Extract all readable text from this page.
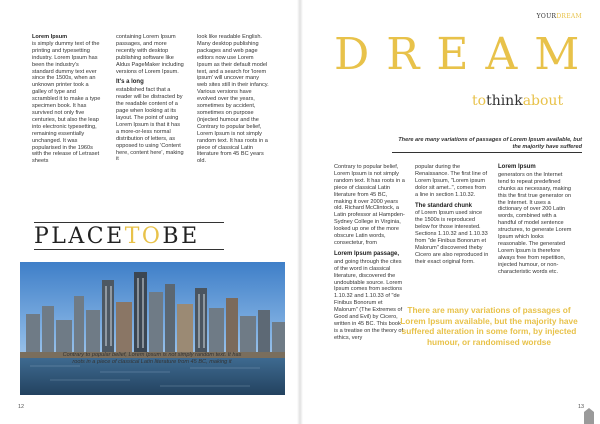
Lorem Ipsum
is simply dummy text of the printing and typesetting industry. Lorem Ipsum has been the industry's standard dummy text ever since the 1500s, when an unknown printer took a galley of type and scrambled it to make a type specimen book. It has survived not only five centuries, but also the leap into electronic typesetting, remaining essentially unchanged. It was popularised in the 1960s with the release of Letraset sheets

containing Lorem Ipsum passages, and more recently with desktop publishing software like Aldus PageMaker including versions of Lorem Ipsum.

It's a long

established fact that a reader will be distracted by the readable content of a page when looking at its layout. The point of using Lorem Ipsum is that it has a more-or-less normal distribution of letters, as opposed to using 'Content here, content here', making it

look like readable English. Many desktop publishing packages and web page editors now use Lorem Ipsum as their default model text, and a search for 'lorem ipsum' will uncover many web sites still in their infancy. Various versions have evolved over the years, sometimes by accident, sometimes on purpose (injected humour and the Contrary to popular belief, Lorem Ipsum is not simply random text. It has roots in a piece of classical Latin literature from 45 BC years old.

PLACETOBE
Contrary to popular belief, Lorem Ipsum is not simply random text. It has roots in a piece of classical Latin literature from 45 BC, making it
12
YOURDREAM
DREAM
tothinkabout
There are many variations of passages of Lorem Ipsum available, but the majority have suffered

Contrary to popular belief, Lorem Ipsum is not simply random text. It has roots in a piece of classical Latin literature from 45 BC, making it over 2000 years old. Richard McClintock, a Latin professor at Hampden-Sydney College in Virginia, looked up one of the more obscure Latin words, consectetur, from

Lorem Ipsum passage,

and going through the cites of the word in classical literature, discovered the undoubtable source. Lorem Ipsum comes from sections 1.10.32 and 1.10.33 of "de Finibus Bonorum et Malorum" (The Extremes of Good and Evil) by Cicero, written in 45 BC. This book is a treatise on the theory of ethics, very

popular during the Renaissance. The first line of Lorem Ipsum, "Lorem ipsum dolor sit amet..", comes from a line in section 1.10.32.

The standard chunk

of Lorem Ipsum used since the 1500s is reproduced below for those interested. Sections 1.10.32 and 1.10.33 from "de Finibus Bonorum et Malorum" discovered theby Cicero are also reproduced in their exact original form.

Lorem Ipsum

generators on the Internet tend to repeat predefined chunks as necessary, making this the first true generator on the Internet. It uses a dictionary of over 200 Latin words, combined with a handful of model sentence structures, to generate Lorem Ipsum which looks reasonable. The generated Lorem Ipsum is therefore always free from repetition, injected humour, or non-characteristic words etc.

There are many variations of passages of Lorem Ipsum available, but the majority have suffered alteration in some form, by injected humour, or randomised wordse
13
